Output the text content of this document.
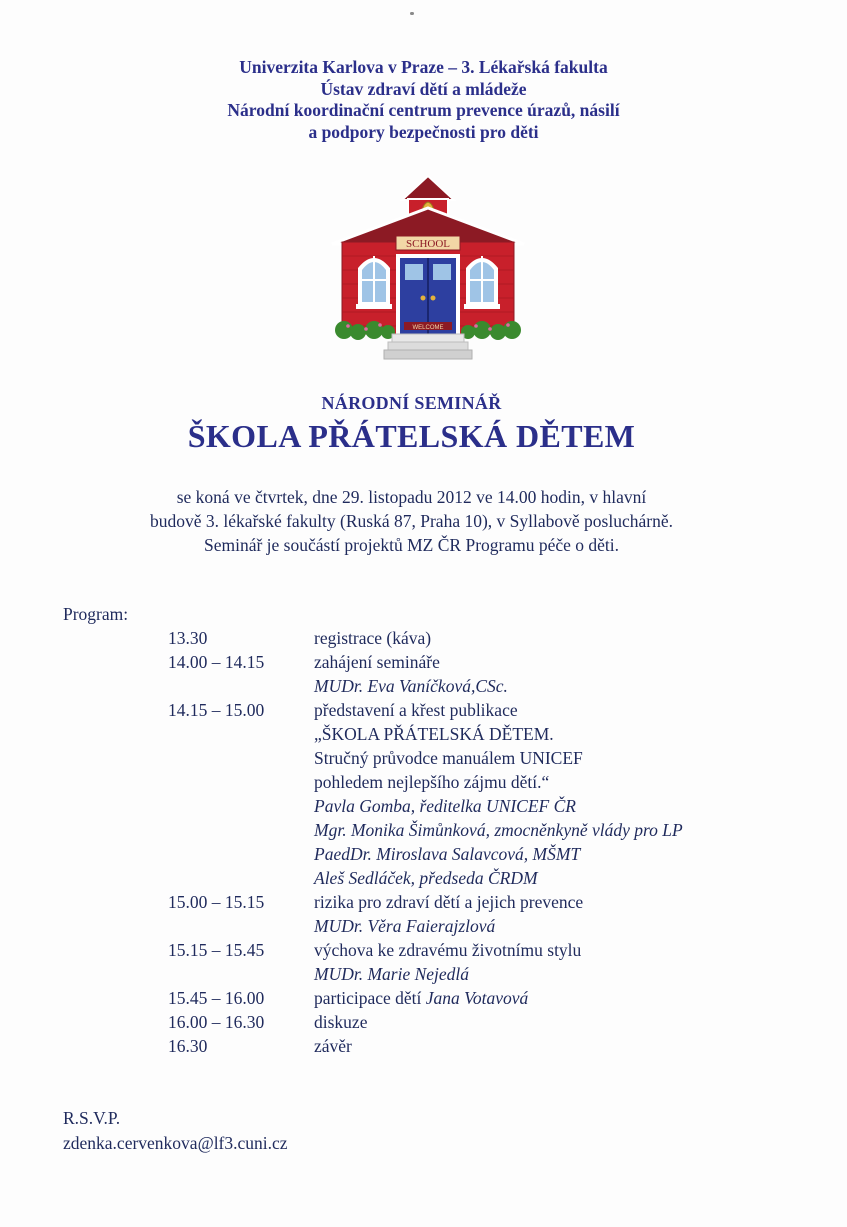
Univerzita Karlova v Praze – 3. Lékařská fakulta
Ústav zdraví dětí a mládeže
Národní koordinační centrum prevence úrazů, násilí
a podpory bezpečnosti pro děti
SCHOOL
WELCOME
NÁRODNÍ SEMINÁŘ
ŠKOLA PŘÁTELSKÁ DĚTEM
se koná ve čtvrtek, dne 29. listopadu 2012 ve 14.00 hodin, v hlavní
budově 3. lékařské fakulty (Ruská 87, Praha 10), v Syllabově posluchárně.
Seminář je součástí projektů MZ ČR Programu péče o děti.
Program:
13.30	registrace (káva)
14.00 – 14.15	zahájení semináře
MUDr. Eva Vaníčková,CSc.
14.15 – 15.00	představení a křest publikace
„ŠKOLA PŘÁTELSKÁ DĚTEM.
Stručný průvodce manuálem UNICEF
pohledem nejlepšího zájmu dětí.“
Pavla Gomba, ředitelka UNICEF ČR
Mgr. Monika Šimůnková, zmocněnkyně vlády pro LP
PaedDr. Miroslava Salavcová, MŠMT
Aleš Sedláček, předseda ČRDM
15.00 – 15.15	rizika pro zdraví dětí a jejich prevence
MUDr. Věra Faierajzlová
15.15 – 15.45	výchova ke zdravému životnímu stylu
MUDr. Marie Nejedlá
15.45 – 16.00	participace dětí Jana Votavová
16.00 – 16.30	diskuze
16.30	závěr
R.S.V.P.
zdenka.cervenkova@lf3.cuni.cz
